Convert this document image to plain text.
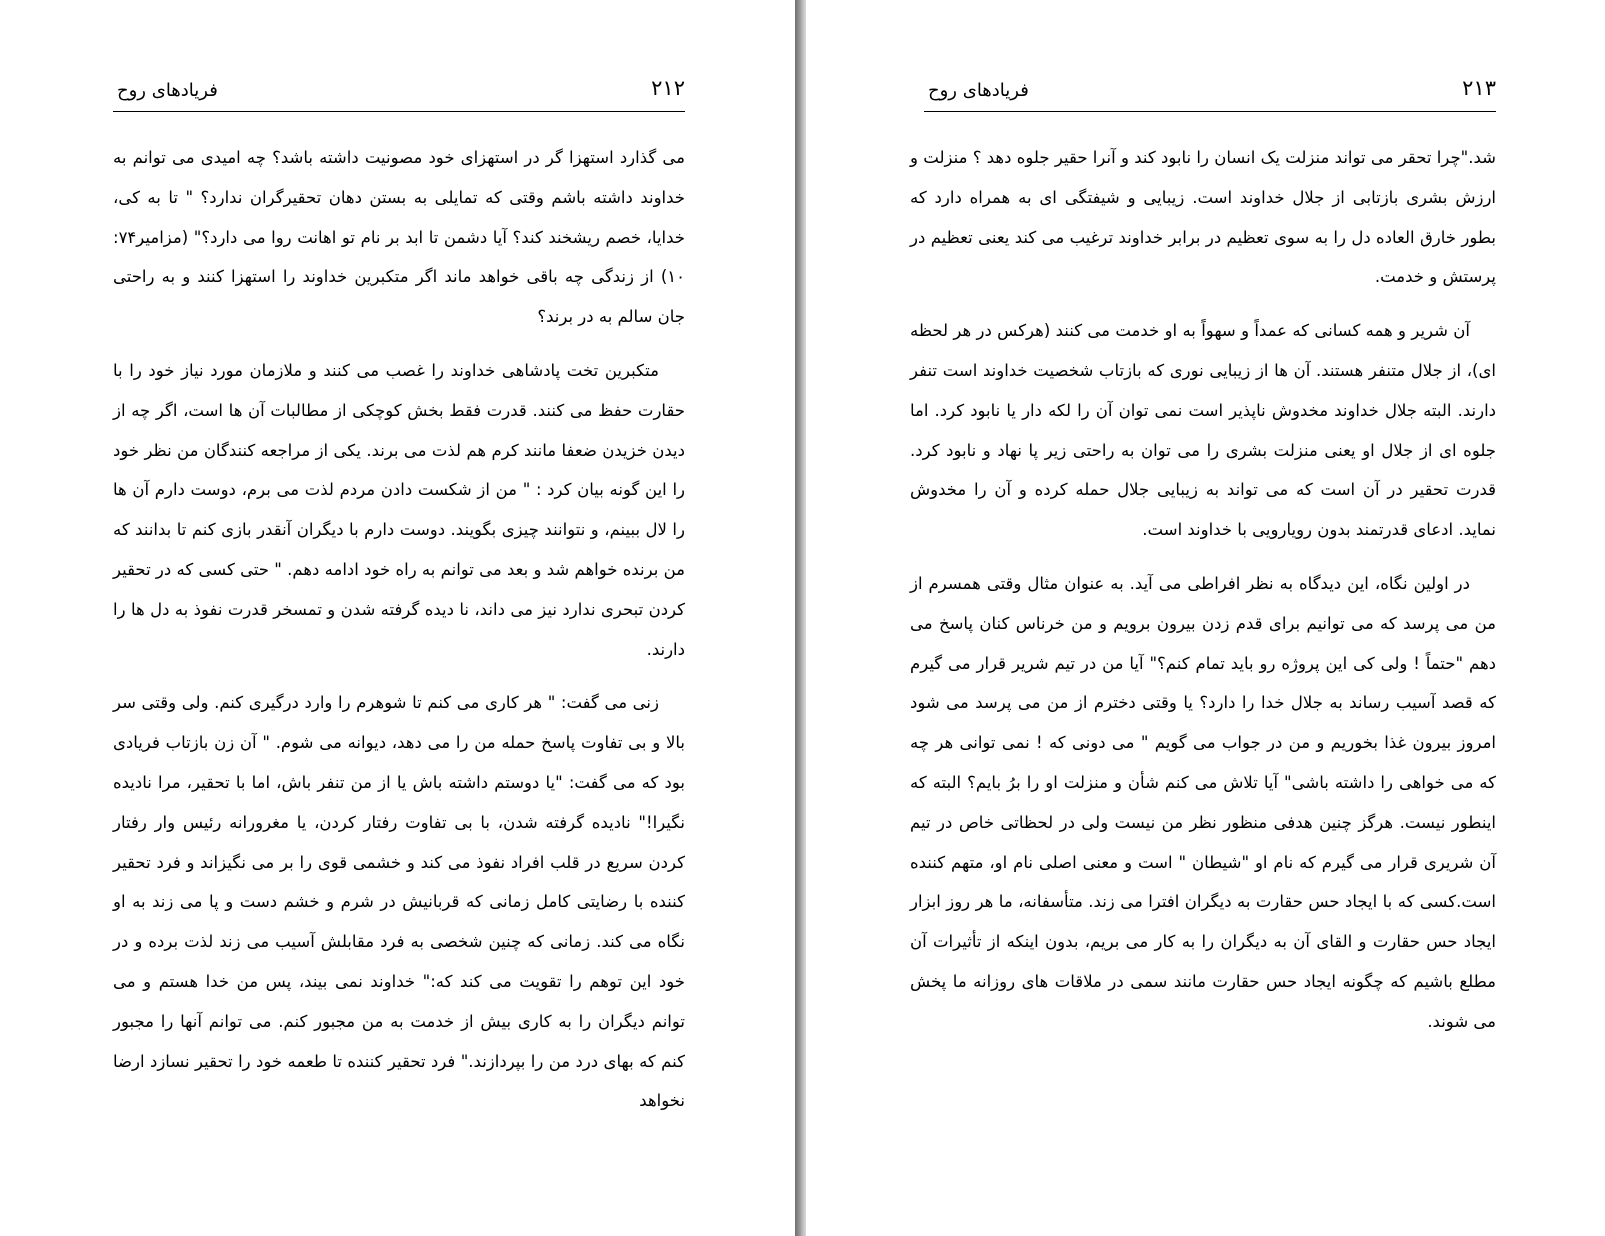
۲۱۲
فریادهای روح

می گذارد استهزا گر در استهزای خود مصونیت داشته باشد؟ چه امیدی می توانم به خداوند داشته باشم وقتی که تمایلی به بستن دهان تحقیرگران ندارد؟ " تا به کی، خدایا، خصم ریشخند کند؟ آیا دشمن تا ابد بر نام تو اهانت روا می دارد؟" (مزامیر۷۴: ۱۰) از زندگی چه باقی خواهد ماند اگر متکبرین خداوند را استهزا کنند و به راحتی جان سالم به در برند؟

متکبرین تخت پادشاهی خداوند را غصب می کنند و ملازمان مورد نیاز خود را با حقارت حفظ می کنند. قدرت فقط بخش کوچکی از مطالبات آن ها است، اگر چه از دیدن خزیدن ضعفا مانند کرم هم لذت می برند. یکی از مراجعه کنندگان من نظر خود را این گونه بیان کرد : " من از شکست دادن مردم لذت می برم، دوست دارم آن ها را لال ببینم، و نتوانند چیزی بگویند. دوست دارم با دیگران آنقدر بازی کنم تا بدانند که من برنده خواهم شد و بعد می توانم به راه خود ادامه دهم. " حتی کسی که در تحقیر کردن تبحری ندارد نیز می داند، نا دیده گرفته شدن و تمسخر قدرت نفوذ به دل ها را دارند.

زنی می گفت: " هر کاری می کنم تا شوهرم را وارد درگیری کنم. ولی وقتی سر بالا و بی تفاوت پاسخ حمله من را می دهد، دیوانه می شوم. " آن زن بازتاب فریادی بود که می گفت: "یا دوستم داشته باش یا از من تنفر باش، اما با تحقیر، مرا نادیده نگیرا!" نادیده گرفته شدن، با بی تفاوت رفتار کردن، یا مغرورانه رئیس وار رفتار کردن سریع در قلب افراد نفوذ می کند و خشمی قوی را بر می نگیزاند و فرد تحقیر کننده با رضایتی کامل زمانی که قربانیش در شرم و خشم دست و پا می زند به او نگاه می کند. زمانی که چنین شخصی به فرد مقابلش آسیب می زند لذت برده و در خود این توهم را تقویت می کند که:" خداوند نمی بیند، پس من خدا هستم و می توانم دیگران را به کاری بیش از خدمت به من مجبور کنم. می توانم آنها را مجبور کنم که بهای درد من را بپردازند." فرد تحقیر کننده تا طعمه خود را تحقیر نسازد ارضا نخواهد

۲۱۳
فریادهای روح

شد."چرا تحقر می تواند منزلت یک انسان را نابود کند و آنرا حقیر جلوه دهد ؟ منزلت و ارزش بشری بازتابی از جلال خداوند است. زیبایی و شیفتگی ای به همراه دارد که بطور خارق العاده دل را به سوی تعظیم در برابر خداوند ترغیب می کند یعنی تعظیم در پرستش و خدمت.

آن شریر و همه کسانی که عمداً و سهواً به او خدمت می کنند (هرکس در هر لحظه ای)، از جلال متنفر هستند. آن ها از زیبایی نوری که بازتاب شخصیت خداوند است تنفر دارند. البته جلال خداوند مخدوش ناپذیر است نمی توان آن را لکه دار یا نابود کرد. اما جلوه ای از جلال او یعنی منزلت بشری را می توان به راحتی زیر پا نهاد و نابود کرد. قدرت تحقیر در آن است که می تواند به زیبایی جلال حمله کرده و آن را مخدوش نماید. ادعای قدرتمند بدون رویارویی با خداوند است.

در اولین نگاه، این دیدگاه به نظر افراطی می آید. به عنوان مثال وقتی همسرم از من می پرسد که می توانیم برای قدم زدن بیرون برویم و من خرناس کنان پاسخ می دهم "حتماً ! ولی کی این پروژه رو باید تمام کنم؟" آیا من در تیم شریر قرار می گیرم که قصد آسیب رساند به جلال خدا را دارد؟ یا وقتی دخترم از من می پرسد می شود امروز بیرون غذا بخوریم و من در جواب می گویم " می دونی که ! نمی توانی هر چه که می خواهی را داشته باشی" آیا تلاش می کنم شأن و منزلت او را برُ بایم؟ البته که اینطور نیست. هرگز چنین هدفی منظور نظر من نیست ولی در لحظاتی خاص در تیم آن شریری قرار می گیرم که نام او "شیطان " است و معنی اصلی نام او، متهم کننده است.کسی که با ایجاد حس حقارت به دیگران افترا می زند. متأسفانه، ما هر روز ابزار ایجاد حس حقارت و القای آن به دیگران را به کار می بریم، بدون اینکه از تأثیرات آن مطلع باشیم که چگونه ایجاد حس حقارت مانند سمی در ملاقات های روزانه ما پخش می شوند.
